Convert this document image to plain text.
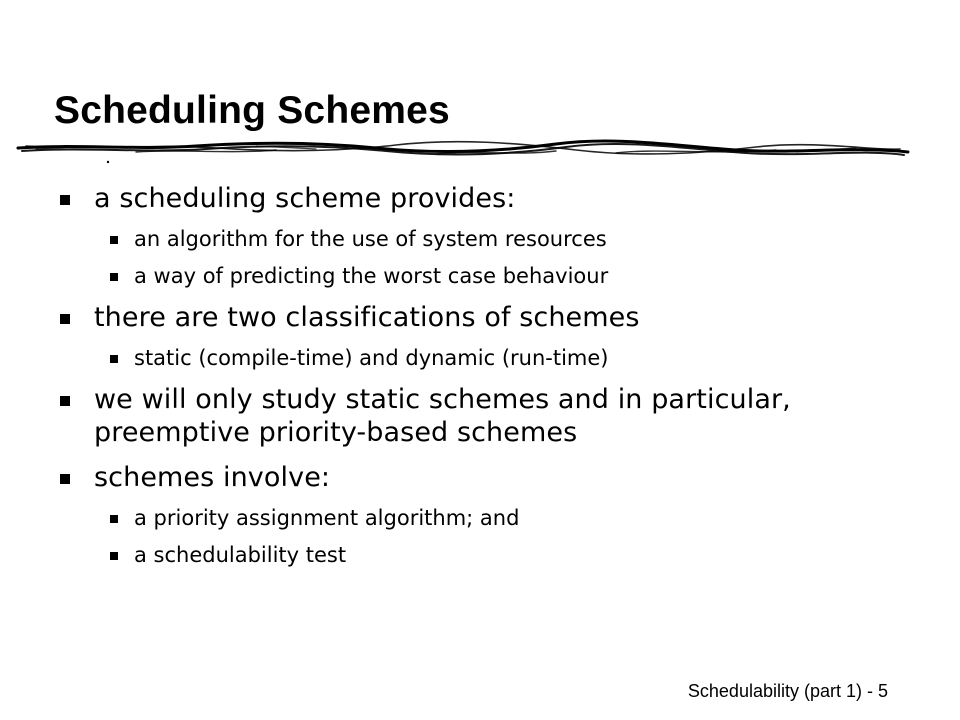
Scheduling Schemes
a scheduling scheme provides:
an algorithm for the use of system resources
a way of predicting the worst case behaviour
there are two classifications of schemes
static (compile-time) and dynamic (run-time)
we will only study static schemes and in particular, preemptive priority-based schemes
schemes involve:
a priority assignment algorithm; and
a schedulability test
Schedulability (part 1) - 5
